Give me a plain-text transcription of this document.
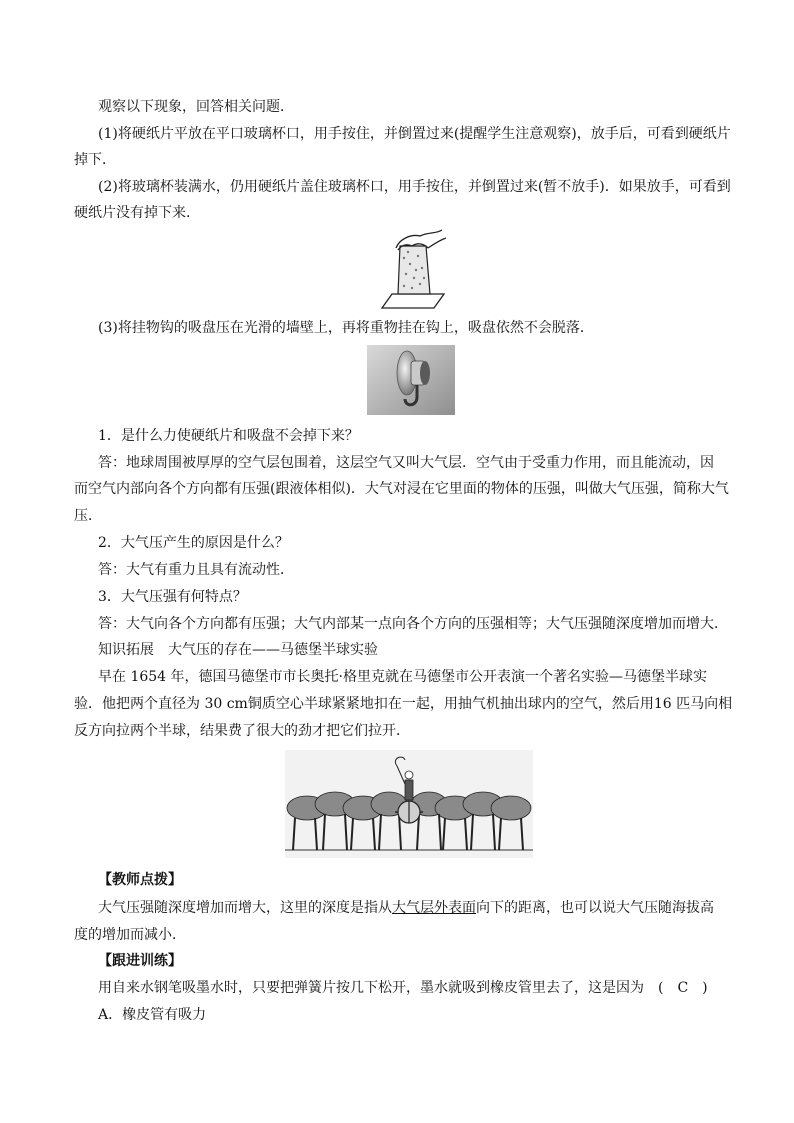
观察以下现象，回答相关问题．
(1)将硬纸片平放在平口玻璃杯口，用手按住，并倒置过来(提醒学生注意观察)，放手后，可看到硬纸片
掉下．
(2)将玻璃杯装满水，仍用硬纸片盖住玻璃杯口，用手按住，并倒置过来(暂不放手)．如果放手，可看到
硬纸片没有掉下来．
(3)将挂物钩的吸盘压在光滑的墙壁上，再将重物挂在钩上，吸盘依然不会脱落．
1．是什么力使硬纸片和吸盘不会掉下来？
答：地球周围被厚厚的空气层包围着，这层空气又叫大气层．空气由于受重力作用，而且能流动，因
而空气内部向各个方向都有压强(跟液体相似)．大气对浸在它里面的物体的压强，叫做大气压强，简称大气
压．
2．大气压产生的原因是什么？
答：大气有重力且具有流动性．
3．大气压强有何特点？
答：大气向各个方向都有压强；大气内部某一点向各个方向的压强相等；大气压强随深度增加而增大．
知识拓展　大气压的存在——马德堡半球实验
早在 1654 年，德国马德堡市市长奥托·格里克就在马德堡市公开表演一个著名实验—马德堡半球实
验．他把两个直径为 30 cm铜质空心半球紧紧地扣在一起，用抽气机抽出球内的空气，然后用16 匹马向相
反方向拉两个半球，结果费了很大的劲才把它们拉开．
【教师点拨】
大气压强随深度增加而增大，这里的深度是指从大气层外表面向下的距离，也可以说大气压随海拔高
度的增加而减小．
【跟进训练】
用自来水钢笔吸墨水时，只要把弹簧片按几下松开，墨水就吸到橡皮管里去了，这是因为　(　C　)
A．橡皮管有吸力
